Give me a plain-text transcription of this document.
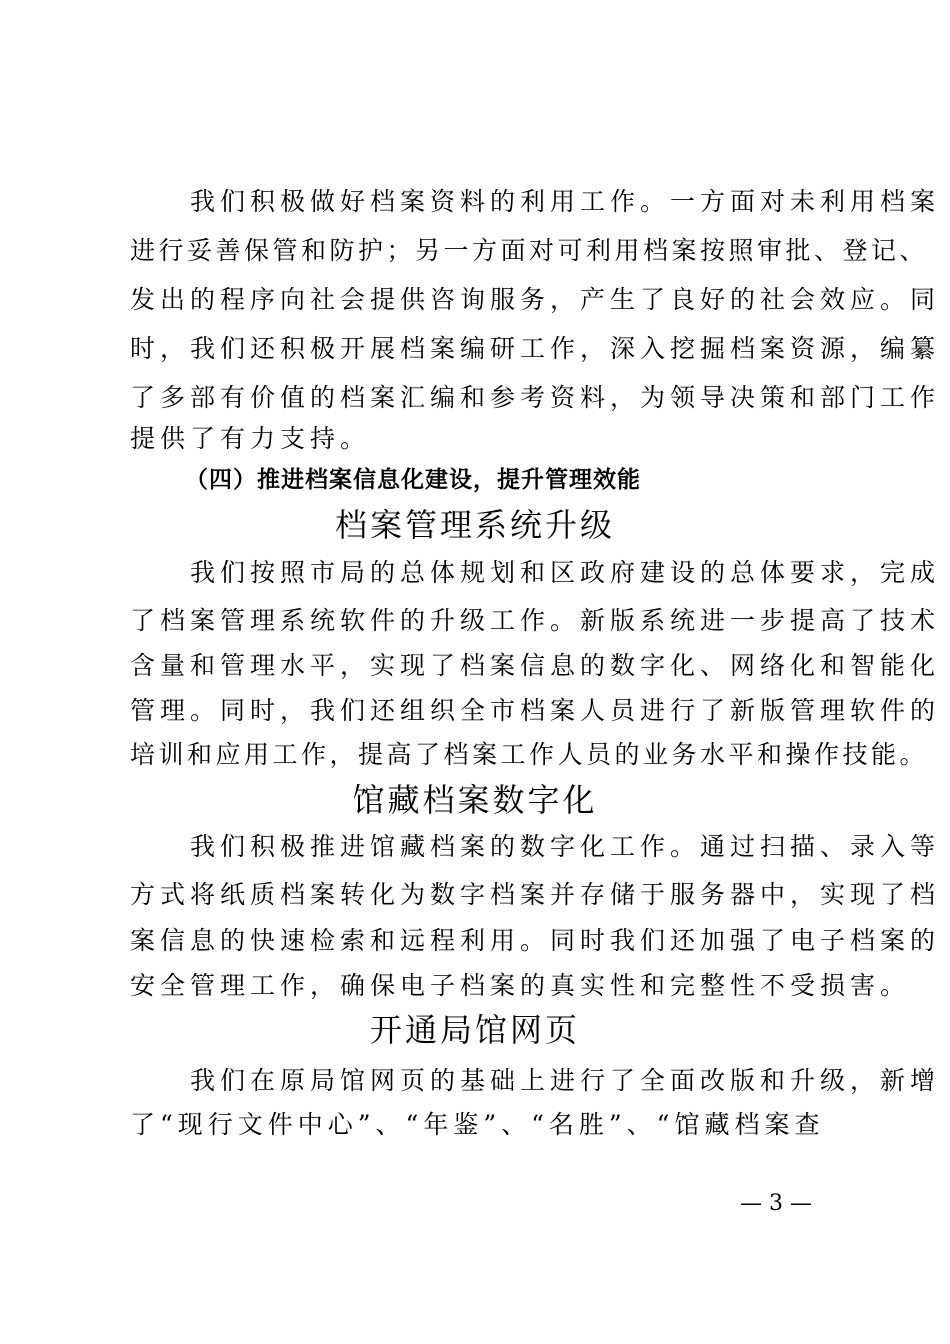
　　我们积极做好档案资料的利用工作。一方面对未利用档案
进行妥善保管和防护；另一方面对可利用档案按照审批、登记、
发出的程序向社会提供咨询服务，产生了良好的社会效应。同
时，我们还积极开展档案编研工作，深入挖掘档案资源，编纂
了多部有价值的档案汇编和参考资料，为领导决策和部门工作
提供了有力支持。
（四）推进档案信息化建设，提升管理效能
档案管理系统升级
　　我们按照市局的总体规划和区政府建设的总体要求，完成
了档案管理系统软件的升级工作。新版系统进一步提高了技术
含量和管理水平，实现了档案信息的数字化、网络化和智能化
管理。同时，我们还组织全市档案人员进行了新版管理软件的
培训和应用工作，提高了档案工作人员的业务水平和操作技能。
馆藏档案数字化
　　我们积极推进馆藏档案的数字化工作。通过扫描、录入等
方式将纸质档案转化为数字档案并存储于服务器中，实现了档
案信息的快速检索和远程利用。同时我们还加强了电子档案的
安全管理工作，确保电子档案的真实性和完整性不受损害。
开通局馆网页
　　我们在原局馆网页的基础上进行了全面改版和升级，新增
了“现行文件中心”、“年鉴”、“名胜”、“馆藏档案查
— 3 —
